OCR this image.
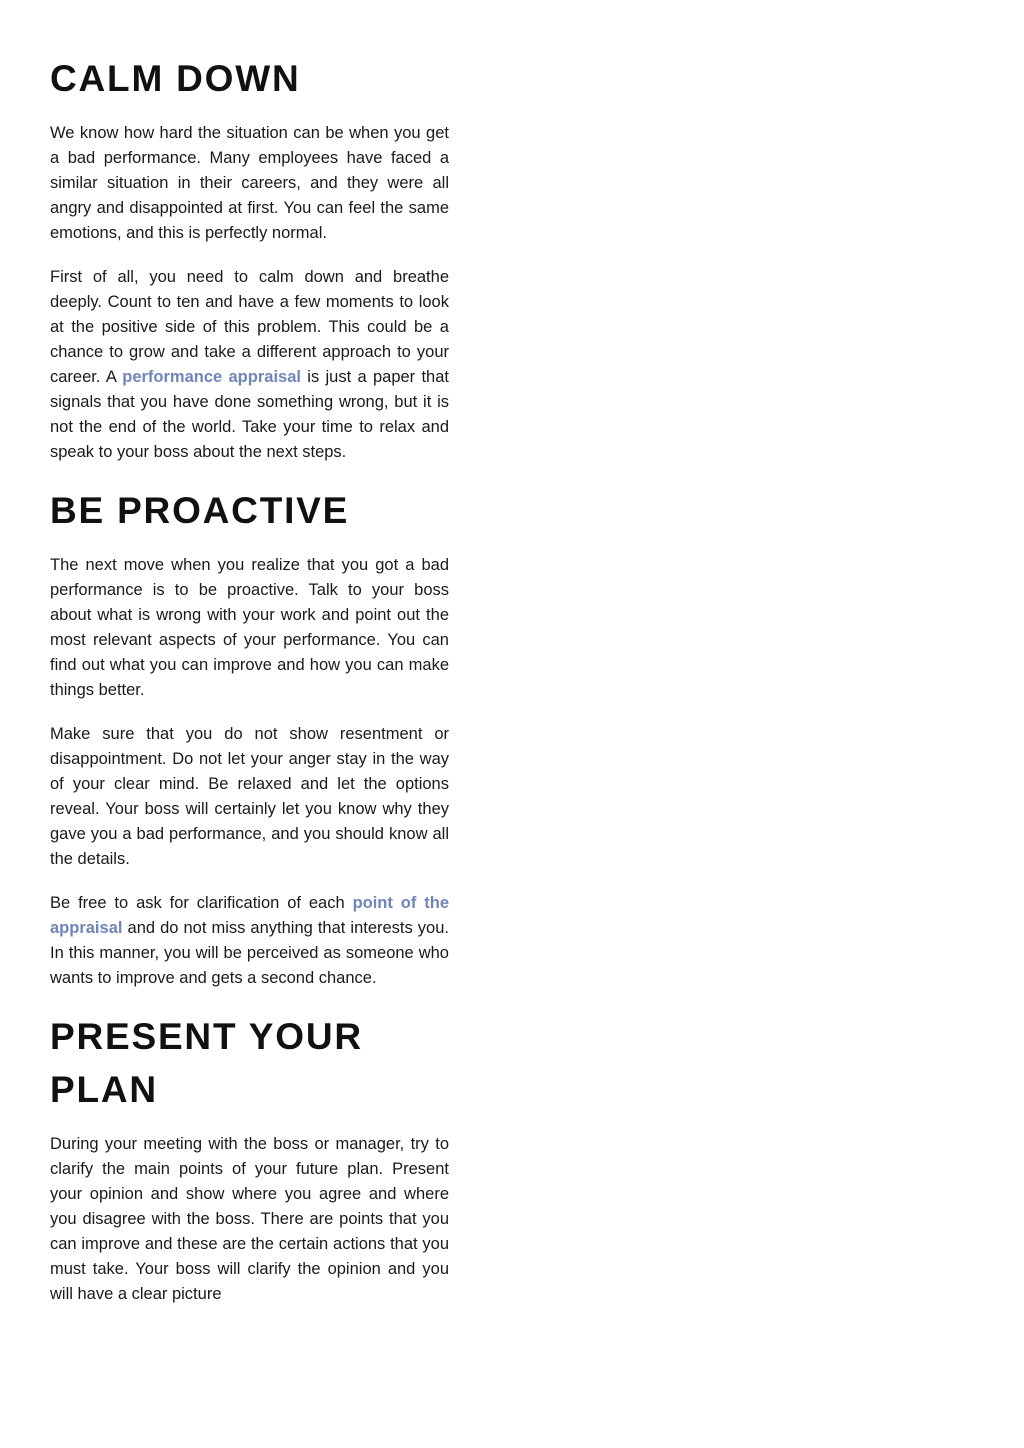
CALM DOWN

We know how hard the situation can be when you get a bad performance. Many employees have faced a similar situation in their careers, and they were all angry and disappointed at first. You can feel the same emotions, and this is perfectly normal.

First of all, you need to calm down and breathe deeply. Count to ten and have a few moments to look at the positive side of this problem. This could be a chance to grow and take a different approach to your career. A performance appraisal is just a paper that signals that you have done something wrong, but it is not the end of the world. Take your time to relax and speak to your boss about the next steps.

BE PROACTIVE

The next move when you realize that you got a bad performance is to be proactive. Talk to your boss about what is wrong with your work and point out the most relevant aspects of your performance. You can find out what you can improve and how you can make things better.

Make sure that you do not show resentment or disappointment. Do not let your anger stay in the way of your clear mind. Be relaxed and let the options reveal. Your boss will certainly let you know why they gave you a bad performance, and you should know all the details.

Be free to ask for clarification of each point of the appraisal and do not miss anything that interests you. In this manner, you will be perceived as someone who wants to improve and gets a second chance.

PRESENT YOUR PLAN

During your meeting with the boss or manager, try to clarify the main points of your future plan. Present your opinion and show where you agree and where you disagree with the boss. There are points that you can improve and these are the certain actions that you must take. Your boss will clarify the opinion and you will have a clear picture
